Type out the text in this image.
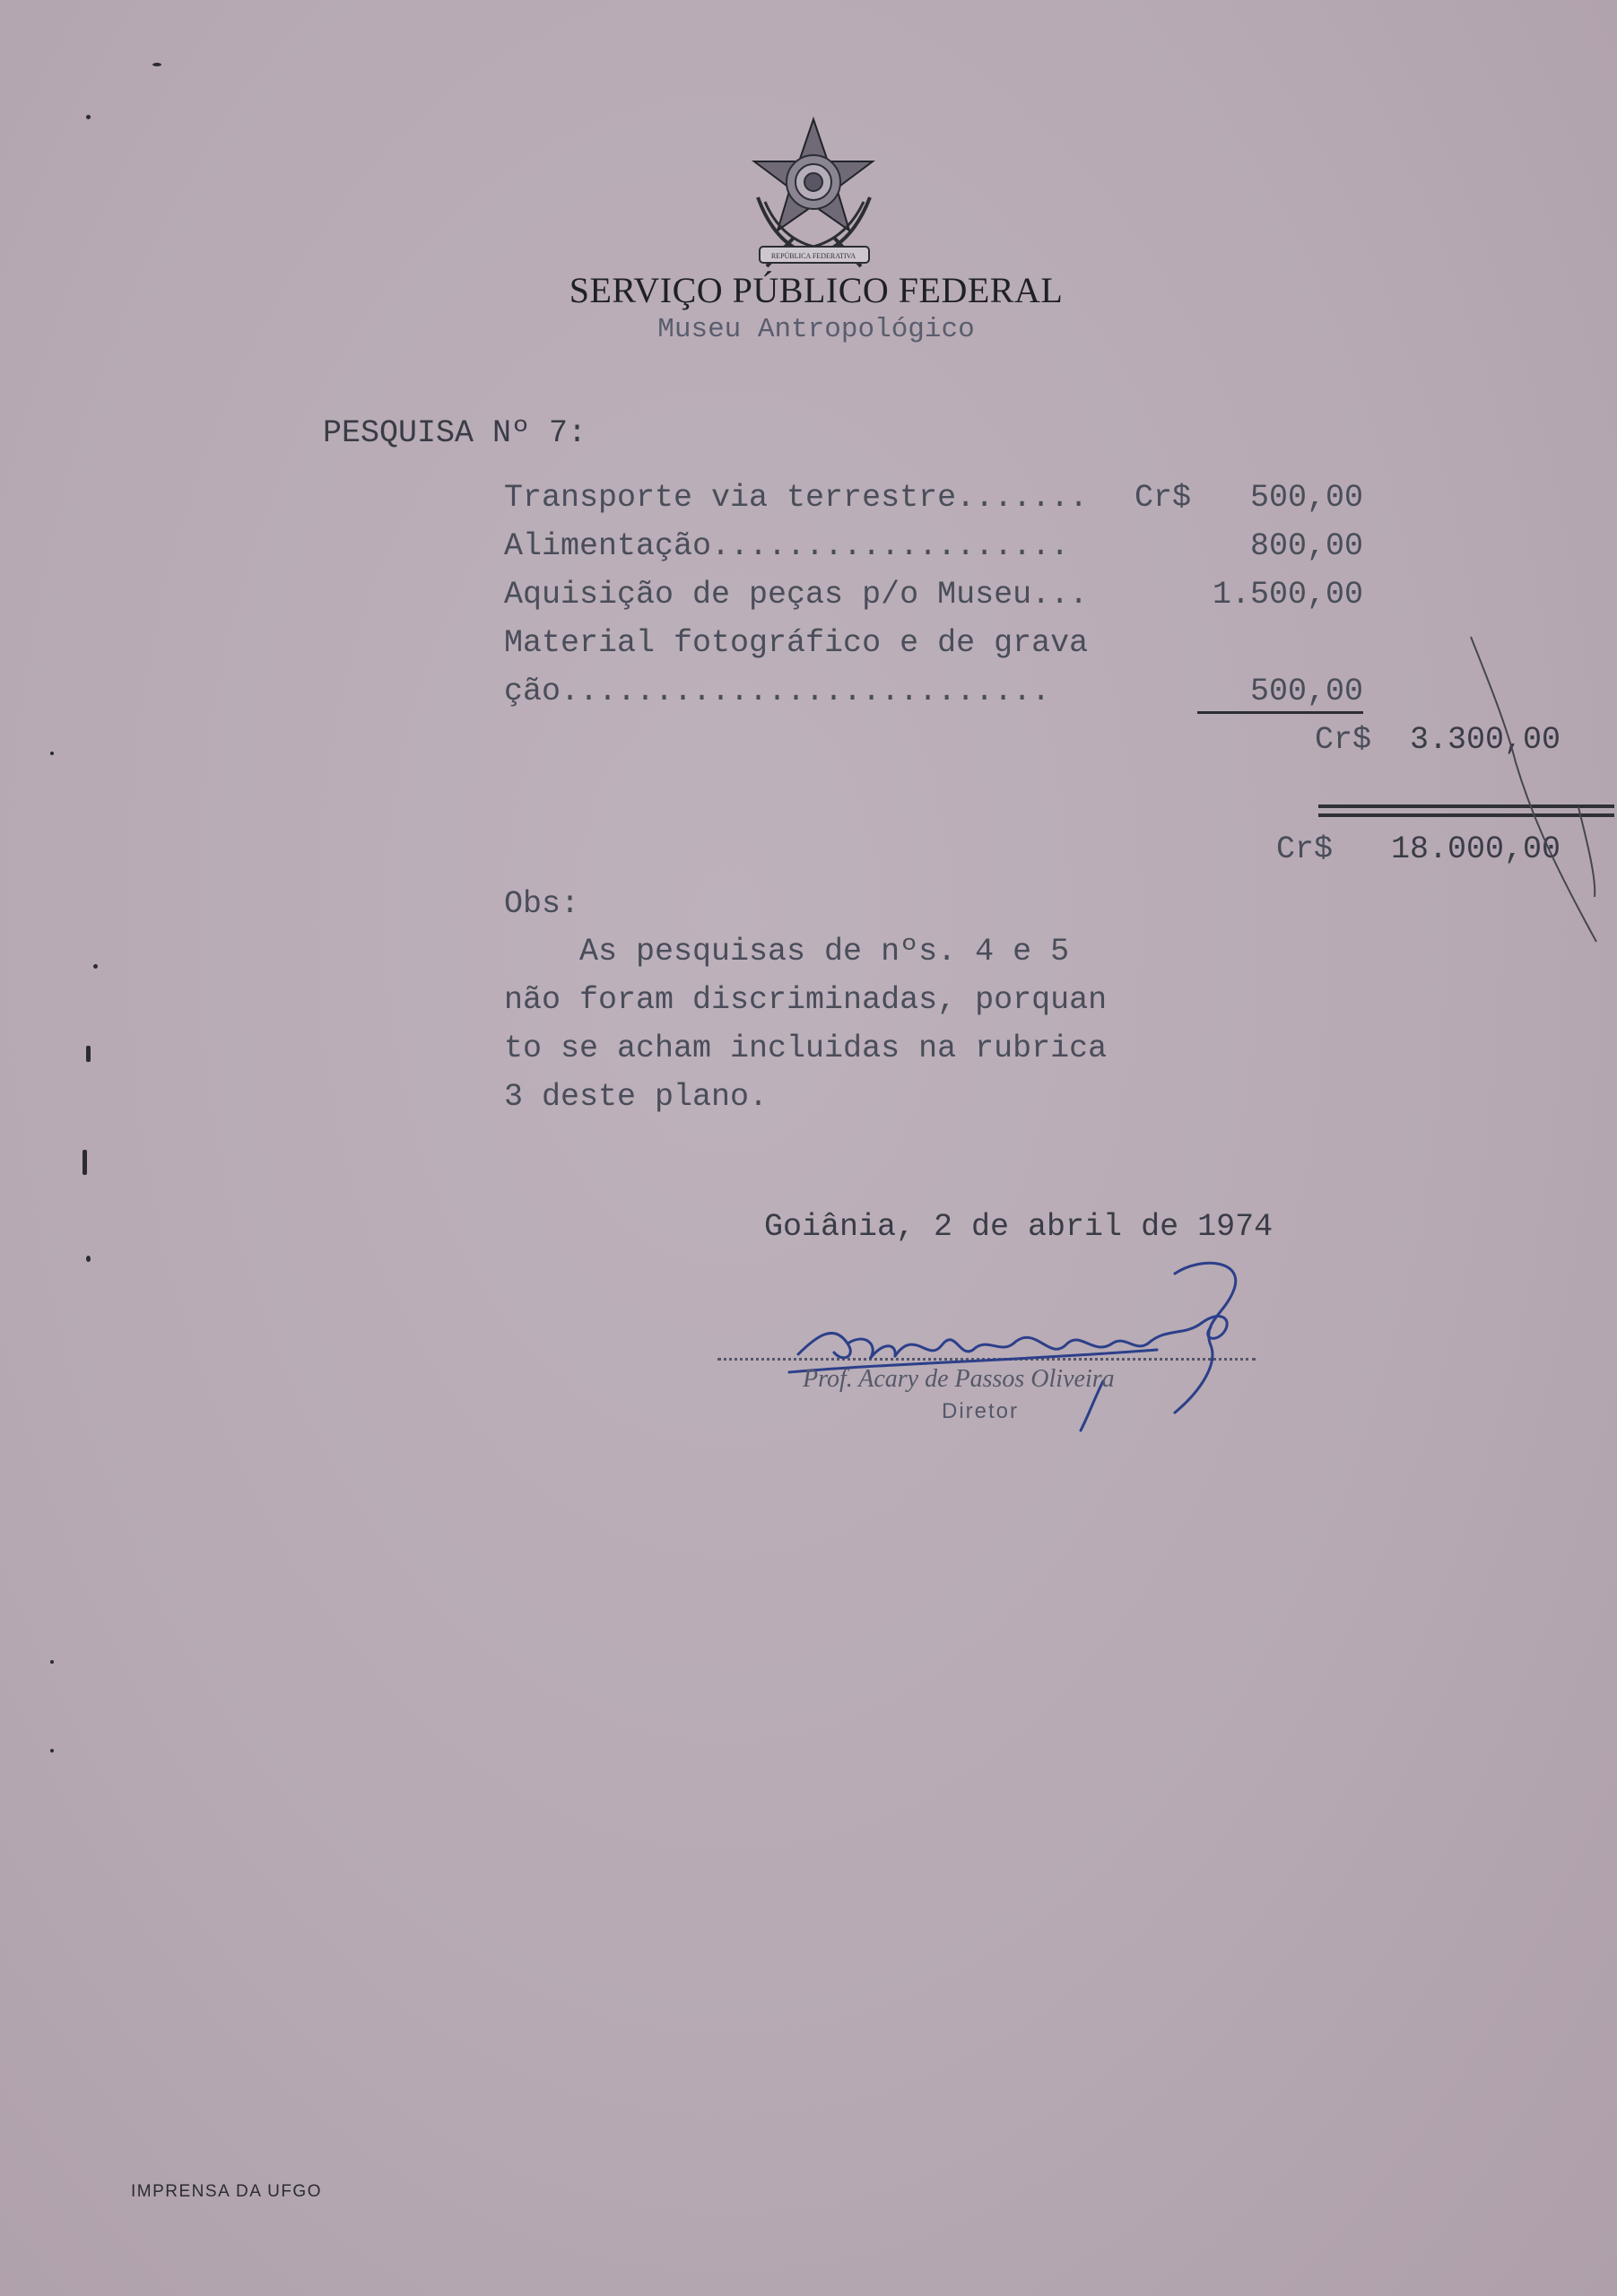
REPÚBLICA FEDERATIVA
SERVIÇO PÚBLICO FEDERAL
Museu Antropológico
PESQUISA Nº 7:
Transporte via terrestre....... Cr$	500,00
Alimentação...................	800,00
Aquisição de peças p/o Museu...	1.500,00
Material fotográfico e de grava
ção..........................	500,00
Cr$	3.300,00
Cr$	18.000,00
Obs:
As pesquisas de nºs. 4 e 5
não foram discriminadas, porquan
to se acham incluidas na rubrica
3 deste plano.
Goiânia, 2 de abril de 1974
Prof. Acary de Passos Oliveira
Diretor
IMPRENSA DA UFGO
